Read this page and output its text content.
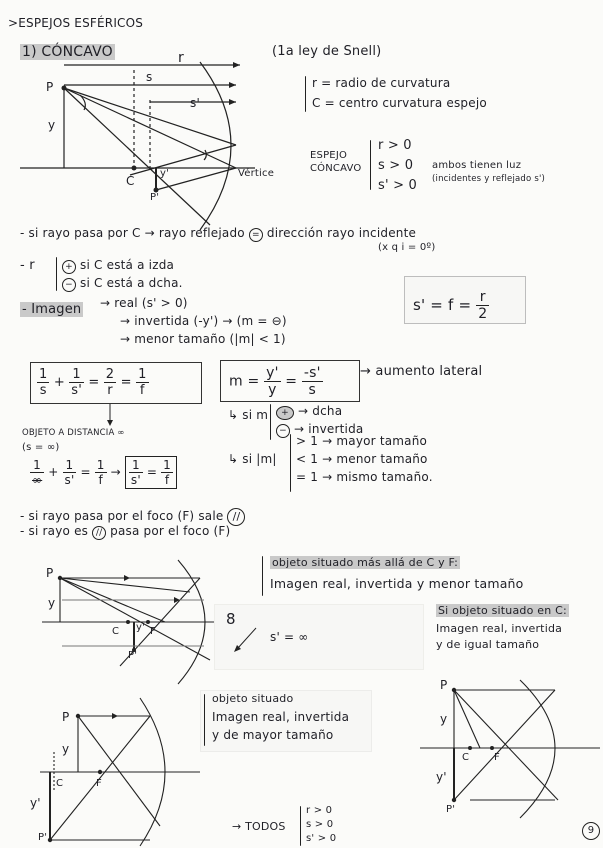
>ESPEJOS ESFÉRICOS
1) CÓNCAVO	(1a ley de Snell)
r
s
s'
P
y
C
y'
P'
Vértice
r = radio de curvatura
C = centro curvatura espejo
ESPEJO
CÓNCAVO
r > 0
s > 0
s' > 0
ambos tienen luz
(incidentes y reflejado s')
- si rayo pasa por C → rayo reflejado = dirección rayo incidente
(x q i = 0º)
- r	+ si C está a izda
− si C está a dcha.
- Imagen → real (s' > 0)
→ invertida (-y') → (m = ⊖)
→ menor tamaño (|m| < 1)
$s' = f = \frac{r}{2}$
$\frac{1}{s} + \frac{1}{s'} = \frac{2}{r} = \frac{1}{f}$	$m = \frac{y'}{y} = \frac{-s'}{s}$	→ aumento lateral
↳ si m	+ → dcha
− → invertida
↳ si |m|
> 1 → mayor tamaño
< 1 → menor tamaño
= 1 → mismo tamaño.
OBJETO A DISTANCIA ∞
(s = ∞)
$\frac{1}{\infty} + \frac{1}{s'} = \frac{1}{f} \to \frac{1}{s'} = \frac{1}{f}$
- si rayo pasa por el foco (F) sale //
- si rayo es // pasa por el foco (F)
P
y
C y' F
P'
objeto situado más allá de C y F:
Imagen real, invertida y menor tamaño
8
s' = ∞
Si objeto situado en C:
Imagen real, invertida
y de igual tamaño
P
y
C F
y'
P'
objeto situado
Imagen real, invertida
y de mayor tamaño
P
y
C	F
y'
P'
→ TODOS
r > 0
s > 0
s' > 0
9
